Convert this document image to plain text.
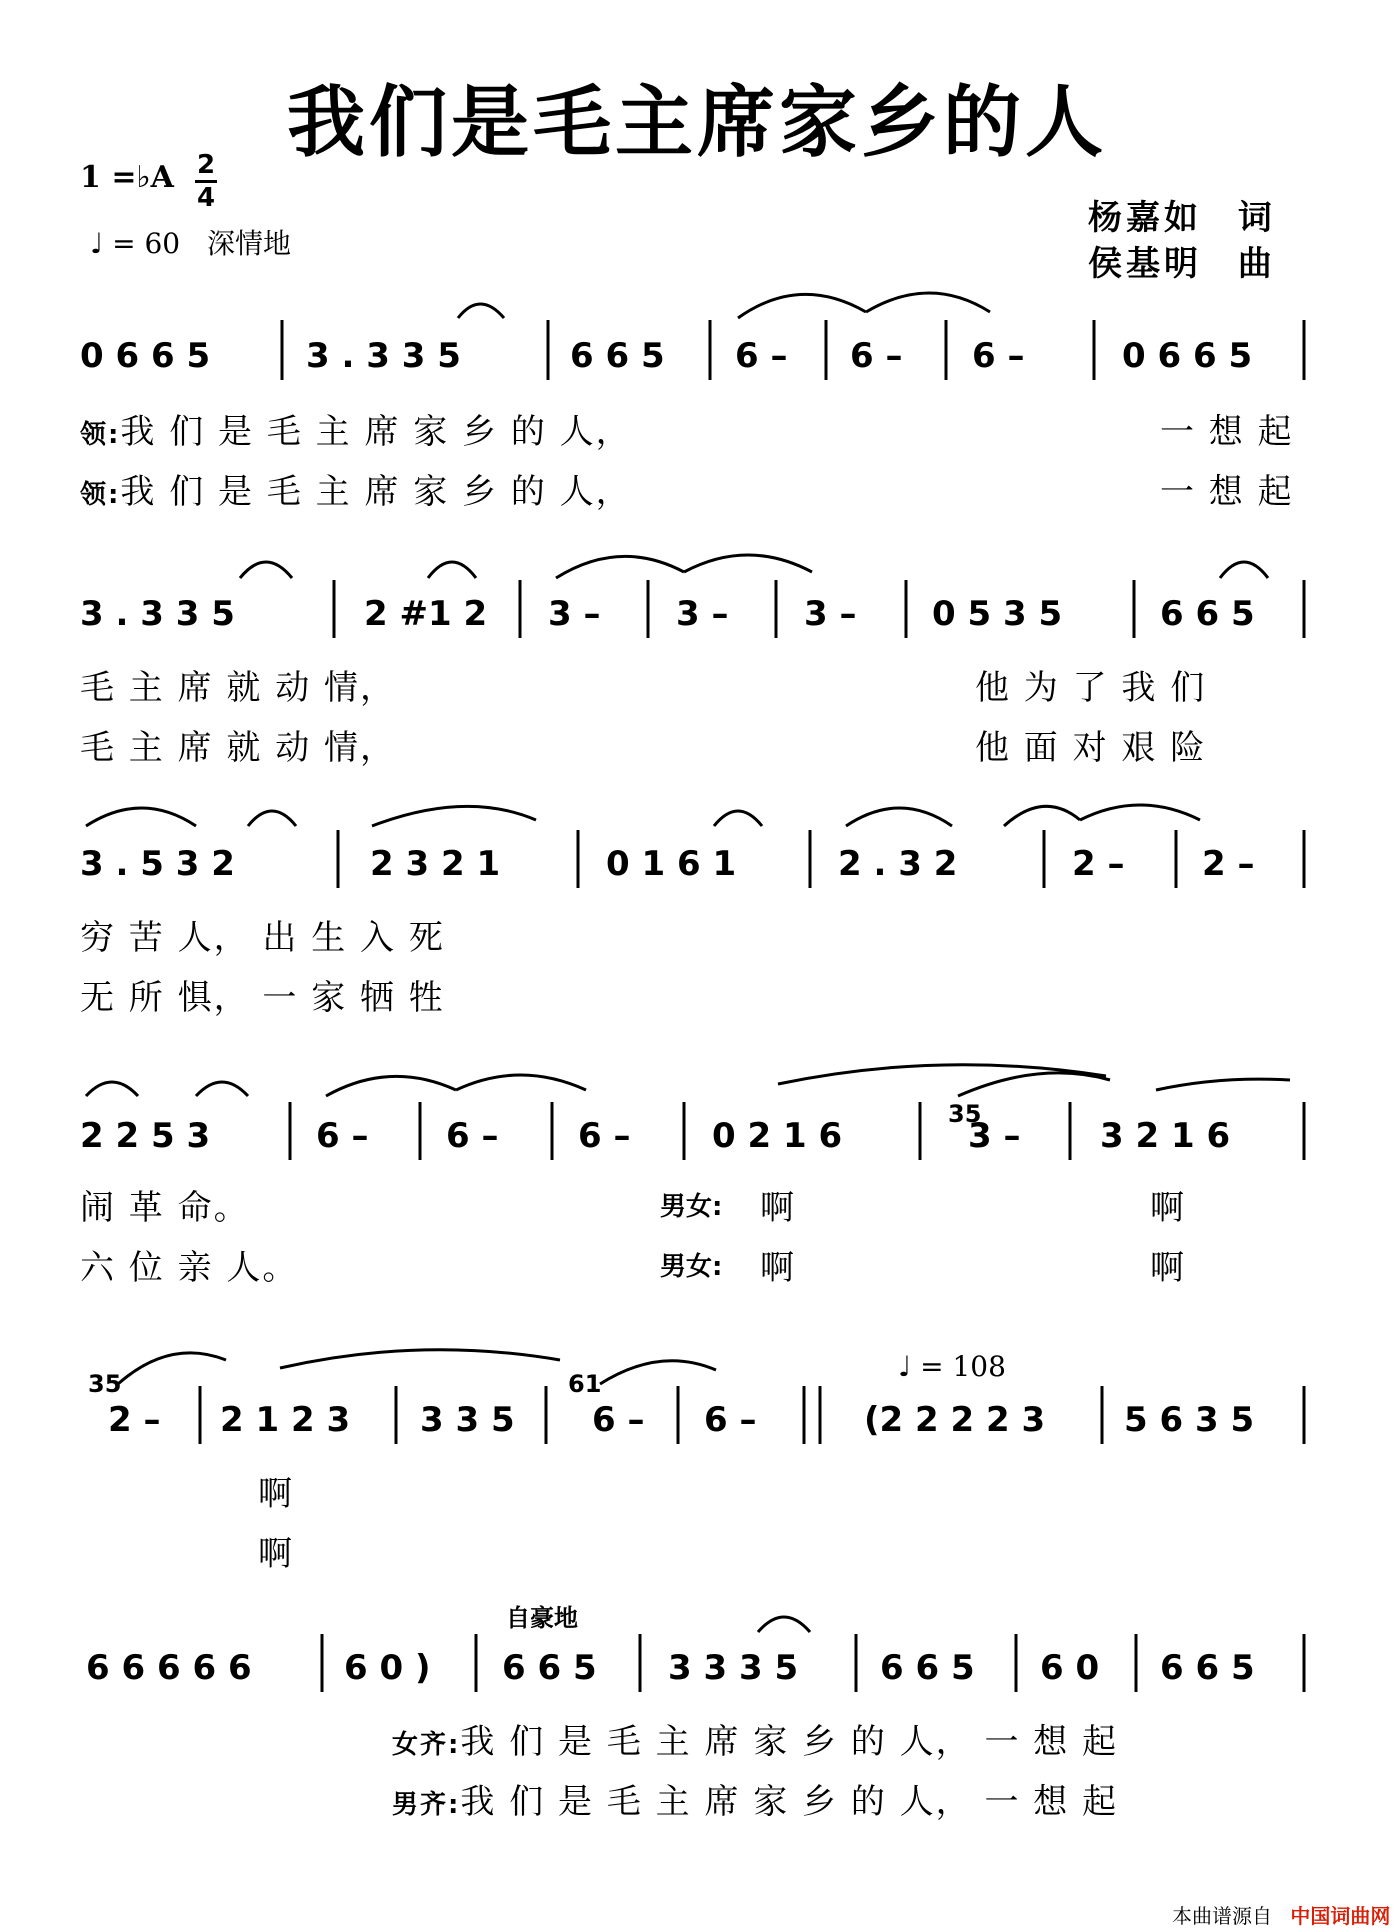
我们是毛主席家乡的人
1 =♭A 2
4
♩ = 60 深情地
杨嘉如 词
侯基明 曲
0 6 6 5	3 . 3 3 5	6 6 5 6 – 6 – 6 –	0 6 6 5
领:我 们 是 毛 主 席 家 乡 的 人，	一 想 起
领:我 们 是 毛 主 席 家 乡 的 人，	一 想 起
3 . 3 3 5	2 #1 2 3 – 3 – 3 – 0 5 3 5	6 6 5
毛 主 席 就 动 情，	他 为 了 我 们
毛 主 席 就 动 情，	他 面 对 艰 险
3 . 5 3 2	2 3 2 1	0 1 6 1	2 . 3 2	2 – 2 –
穷 苦 人， 出 生 入 死
无 所 惧， 一 家 牺 牲
2 2 5 3	6 – 6 – 6 – 0 2 1 6
35
3 – 3 2 1 6
闹 革 命。	男女: 啊	啊
六 位 亲 人。	男女: 啊	啊
35
2 – 2 1 2 3 3 3 5
61
6 – 6 –
♩ = 108
(2 2 2 2 3 5 6 3 5
啊
啊
自豪地
6 6 6 6 6	6 0 ) 6 6 5 3 3 3 5 6 6 5 6 0 6 6 5
女齐:我 们 是 毛 主 席 家 乡 的 人， 一 想 起
男齐:我 们 是 毛 主 席 家 乡 的 人， 一 想 起
本曲谱源自 中国词曲网
